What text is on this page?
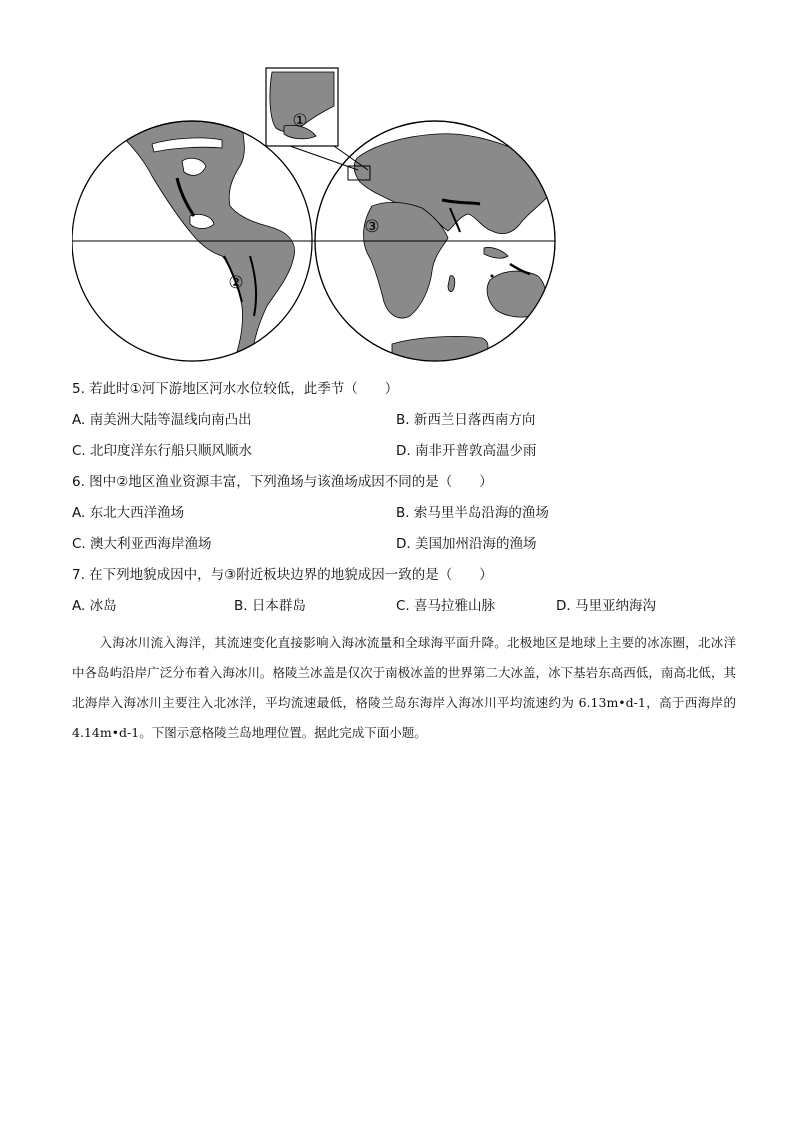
①
②
③
5. 若此时①河下游地区河水水位较低，此季节（　　）
A. 南美洲大陆等温线向南凸出	B. 新西兰日落西南方向
C. 北印度洋东行船只顺风顺水	D. 南非开普敦高温少雨
6. 图中②地区渔业资源丰富，下列渔场与该渔场成因不同的是（　　）
A. 东北大西洋渔场	B. 索马里半岛沿海的渔场
C. 澳大利亚西海岸渔场	D. 美国加州沿海的渔场
7. 在下列地貌成因中，与③附近板块边界的地貌成因一致的是（　　）
A. 冰岛	B. 日本群岛	C. 喜马拉雅山脉	D. 马里亚纳海沟

入海冰川流入海洋，其流速变化直接影响入海冰流量和全球海平面升降。北极地区是地球上主要的冰冻圈，北冰洋中各岛屿沿岸广泛分布着入海冰川。格陵兰冰盖是仅次于南极冰盖的世界第二大冰盖，冰下基岩东高西低，南高北低，其北海岸入海冰川主要注入北冰洋，平均流速最低，格陵兰岛东海岸入海冰川平均流速约为 6.13m•d-1，高于西海岸的 4.14m•d-1。下图示意格陵兰岛地理位置。据此完成下面小题。
